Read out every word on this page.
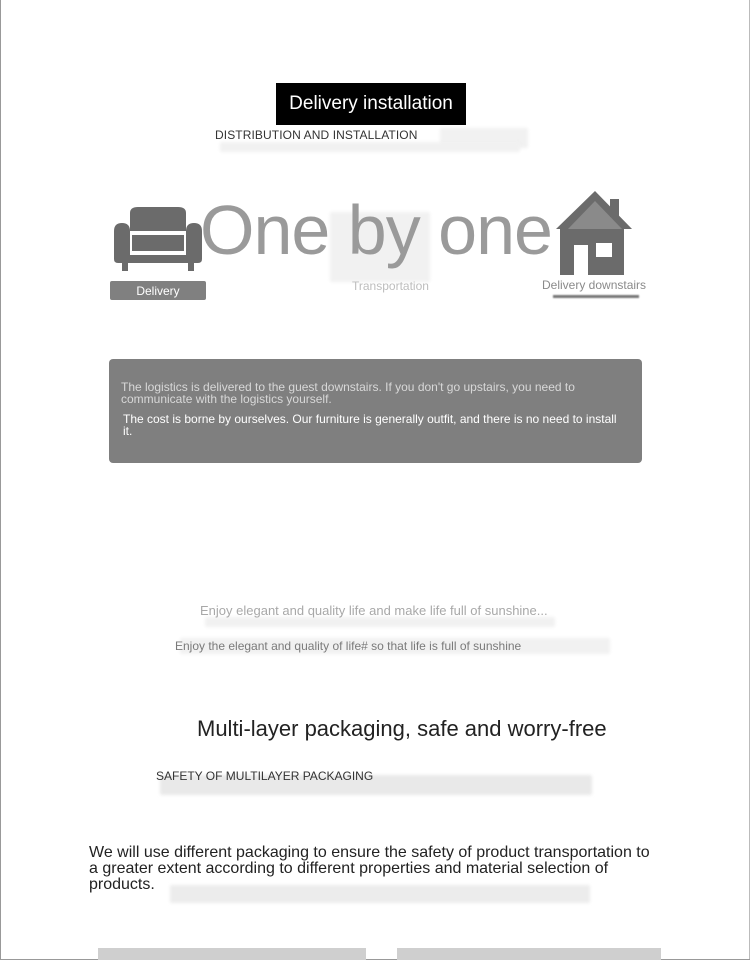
Delivery installation
DISTRIBUTION AND INSTALLATION
One by one
Delivery	Transportation	Delivery downstairs
The logistics is delivered to the guest downstairs. If you don't go upstairs, you need to communicate with the logistics yourself.
The cost is borne by ourselves. Our furniture is generally outfit, and there is no need to install it.
Enjoy elegant and quality life and make life full of sunshine...
Enjoy the elegant and quality of life# so that life is full of sunshine
Multi-layer packaging, safe and worry-free
SAFETY OF MULTILAYER PACKAGING
We will use different packaging to ensure the safety of product transportation to a greater extent according to different properties and material selection of products.
